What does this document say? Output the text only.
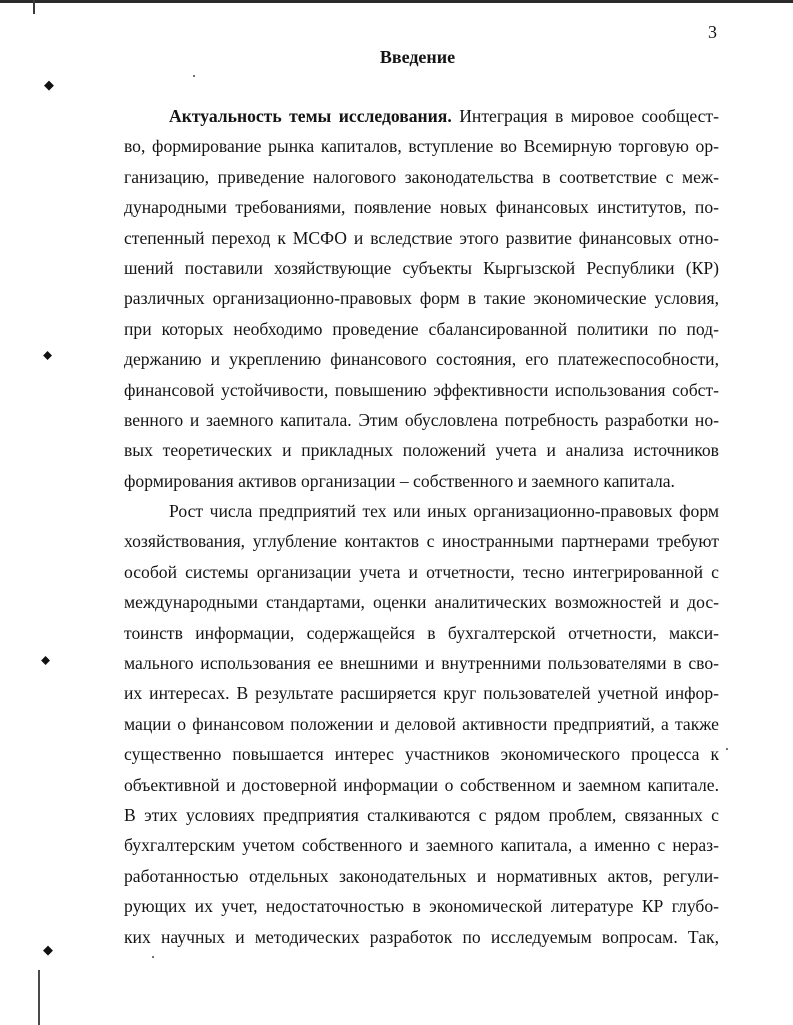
◆
⬥
⬥
◆
3
Введение
Актуальность темы исследования. Интеграция в мировое сообщест-
во, формирование рынка капиталов, вступление во Всемирную торговую ор-
ганизацию, приведение налогового законодательства в соответствие с меж-
дународными требованиями, появление новых финансовых институтов, по-
степенный переход к МСФО и вследствие этого развитие финансовых отно-
шений поставили хозяйствующие субъекты Кыргызской Республики (КР)
различных организационно-правовых форм в такие экономические условия,
при которых необходимо проведение сбалансированной политики по под-
держанию и укреплению финансового состояния, его платежеспособности,
финансовой устойчивости, повышению эффективности использования собст-
венного и заемного капитала. Этим обусловлена потребность разработки но-
вых теоретических и прикладных положений учета и анализа источников
формирования активов организации – собственного и заемного капитала.
Рост числа предприятий тех или иных организационно-правовых форм
хозяйствования, углубление контактов с иностранными партнерами требуют
особой системы организации учета и отчетности, тесно интегрированной с
международными стандартами, оценки аналитических возможностей и дос-
тоинств информации, содержащейся в бухгалтерской отчетности, макси-
мального использования ее внешними и внутренними пользователями в сво-
их интересах. В результате расширяется круг пользователей учетной инфор-
мации о финансовом положении и деловой активности предприятий, а также
существенно повышается интерес участников экономического процесса к
объективной и достоверной информации о собственном и заемном капитале.
В этих условиях предприятия сталкиваются с рядом проблем, связанных с
бухгалтерским учетом собственного и заемного капитала, а именно с нераз-
работанностью отдельных законодательных и нормативных актов, регули-
рующих их учет, недостаточностью в экономической литературе КР глубо-
ких научных и методических разработок по исследуемым вопросам. Так,
